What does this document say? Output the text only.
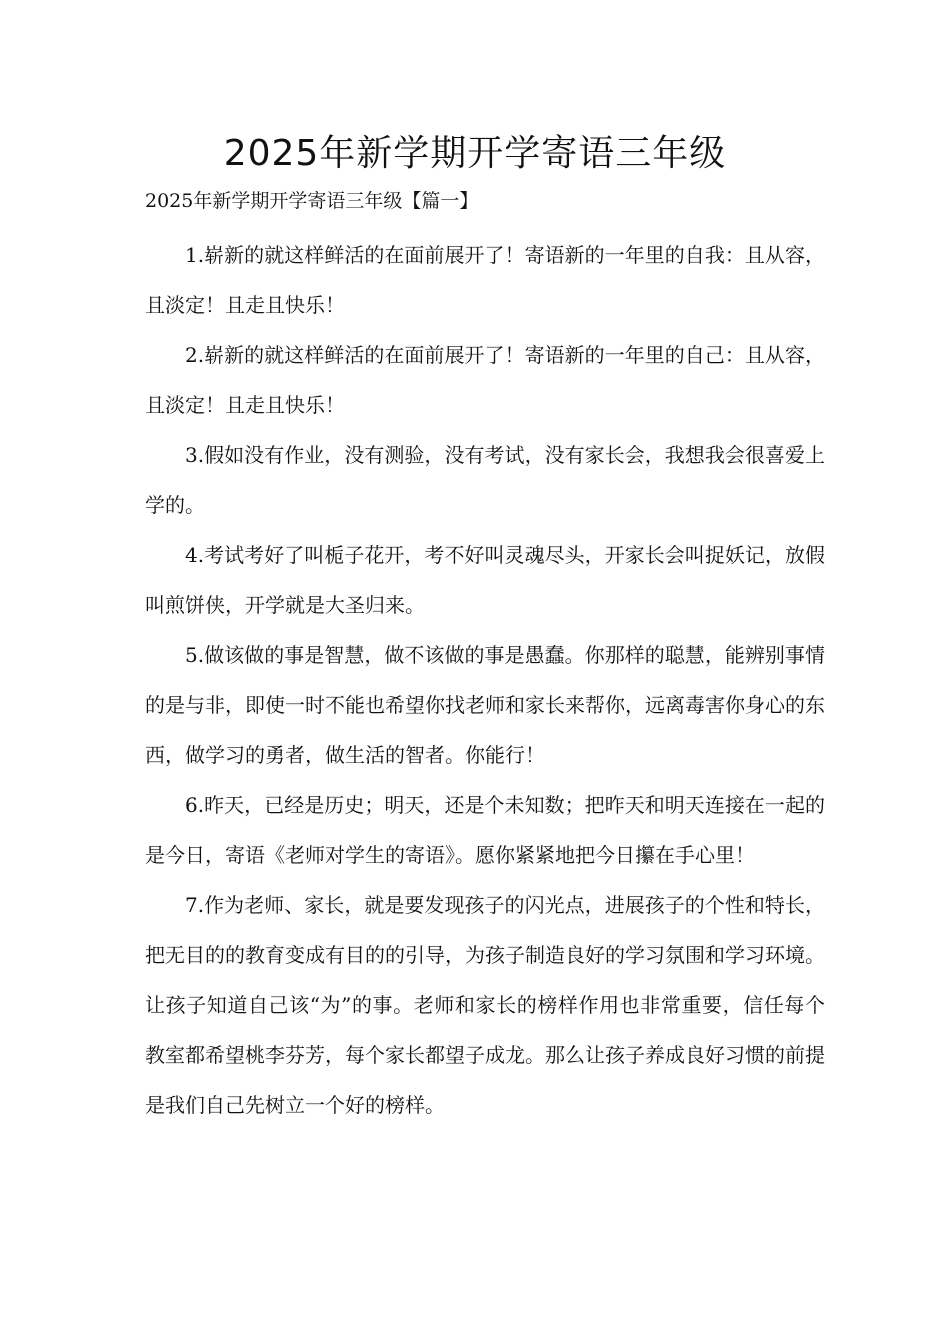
2025年新学期开学寄语三年级

2025年新学期开学寄语三年级【篇一】

1.崭新的就这样鲜活的在面前展开了！寄语新的一年里的自我：且从容，且淡定！且走且快乐！

2.崭新的就这样鲜活的在面前展开了！寄语新的一年里的自己：且从容，且淡定！且走且快乐！

3.假如没有作业，没有测验，没有考试，没有家长会，我想我会很喜爱上学的。

4.考试考好了叫栀子花开，考不好叫灵魂尽头，开家长会叫捉妖记，放假叫煎饼侠，开学就是大圣归来。

5.做该做的事是智慧，做不该做的事是愚蠢。你那样的聪慧，能辨别事情的是与非，即使一时不能也希望你找老师和家长来帮你，远离毒害你身心的东西，做学习的勇者，做生活的智者。你能行！

6.昨天，已经是历史；明天，还是个未知数；把昨天和明天连接在一起的是今日，寄语《老师对学生的寄语》。愿你紧紧地把今日攥在手心里！

7.作为老师、家长，就是要发现孩子的闪光点，进展孩子的个性和特长，把无目的的教育变成有目的的引导，为孩子制造良好的学习氛围和学习环境。让孩子知道自己该“为”的事。老师和家长的榜样作用也非常重要，信任每个教室都希望桃李芬芳，每个家长都望子成龙。那么让孩子养成良好习惯的前提是我们自己先树立一个好的榜样。
